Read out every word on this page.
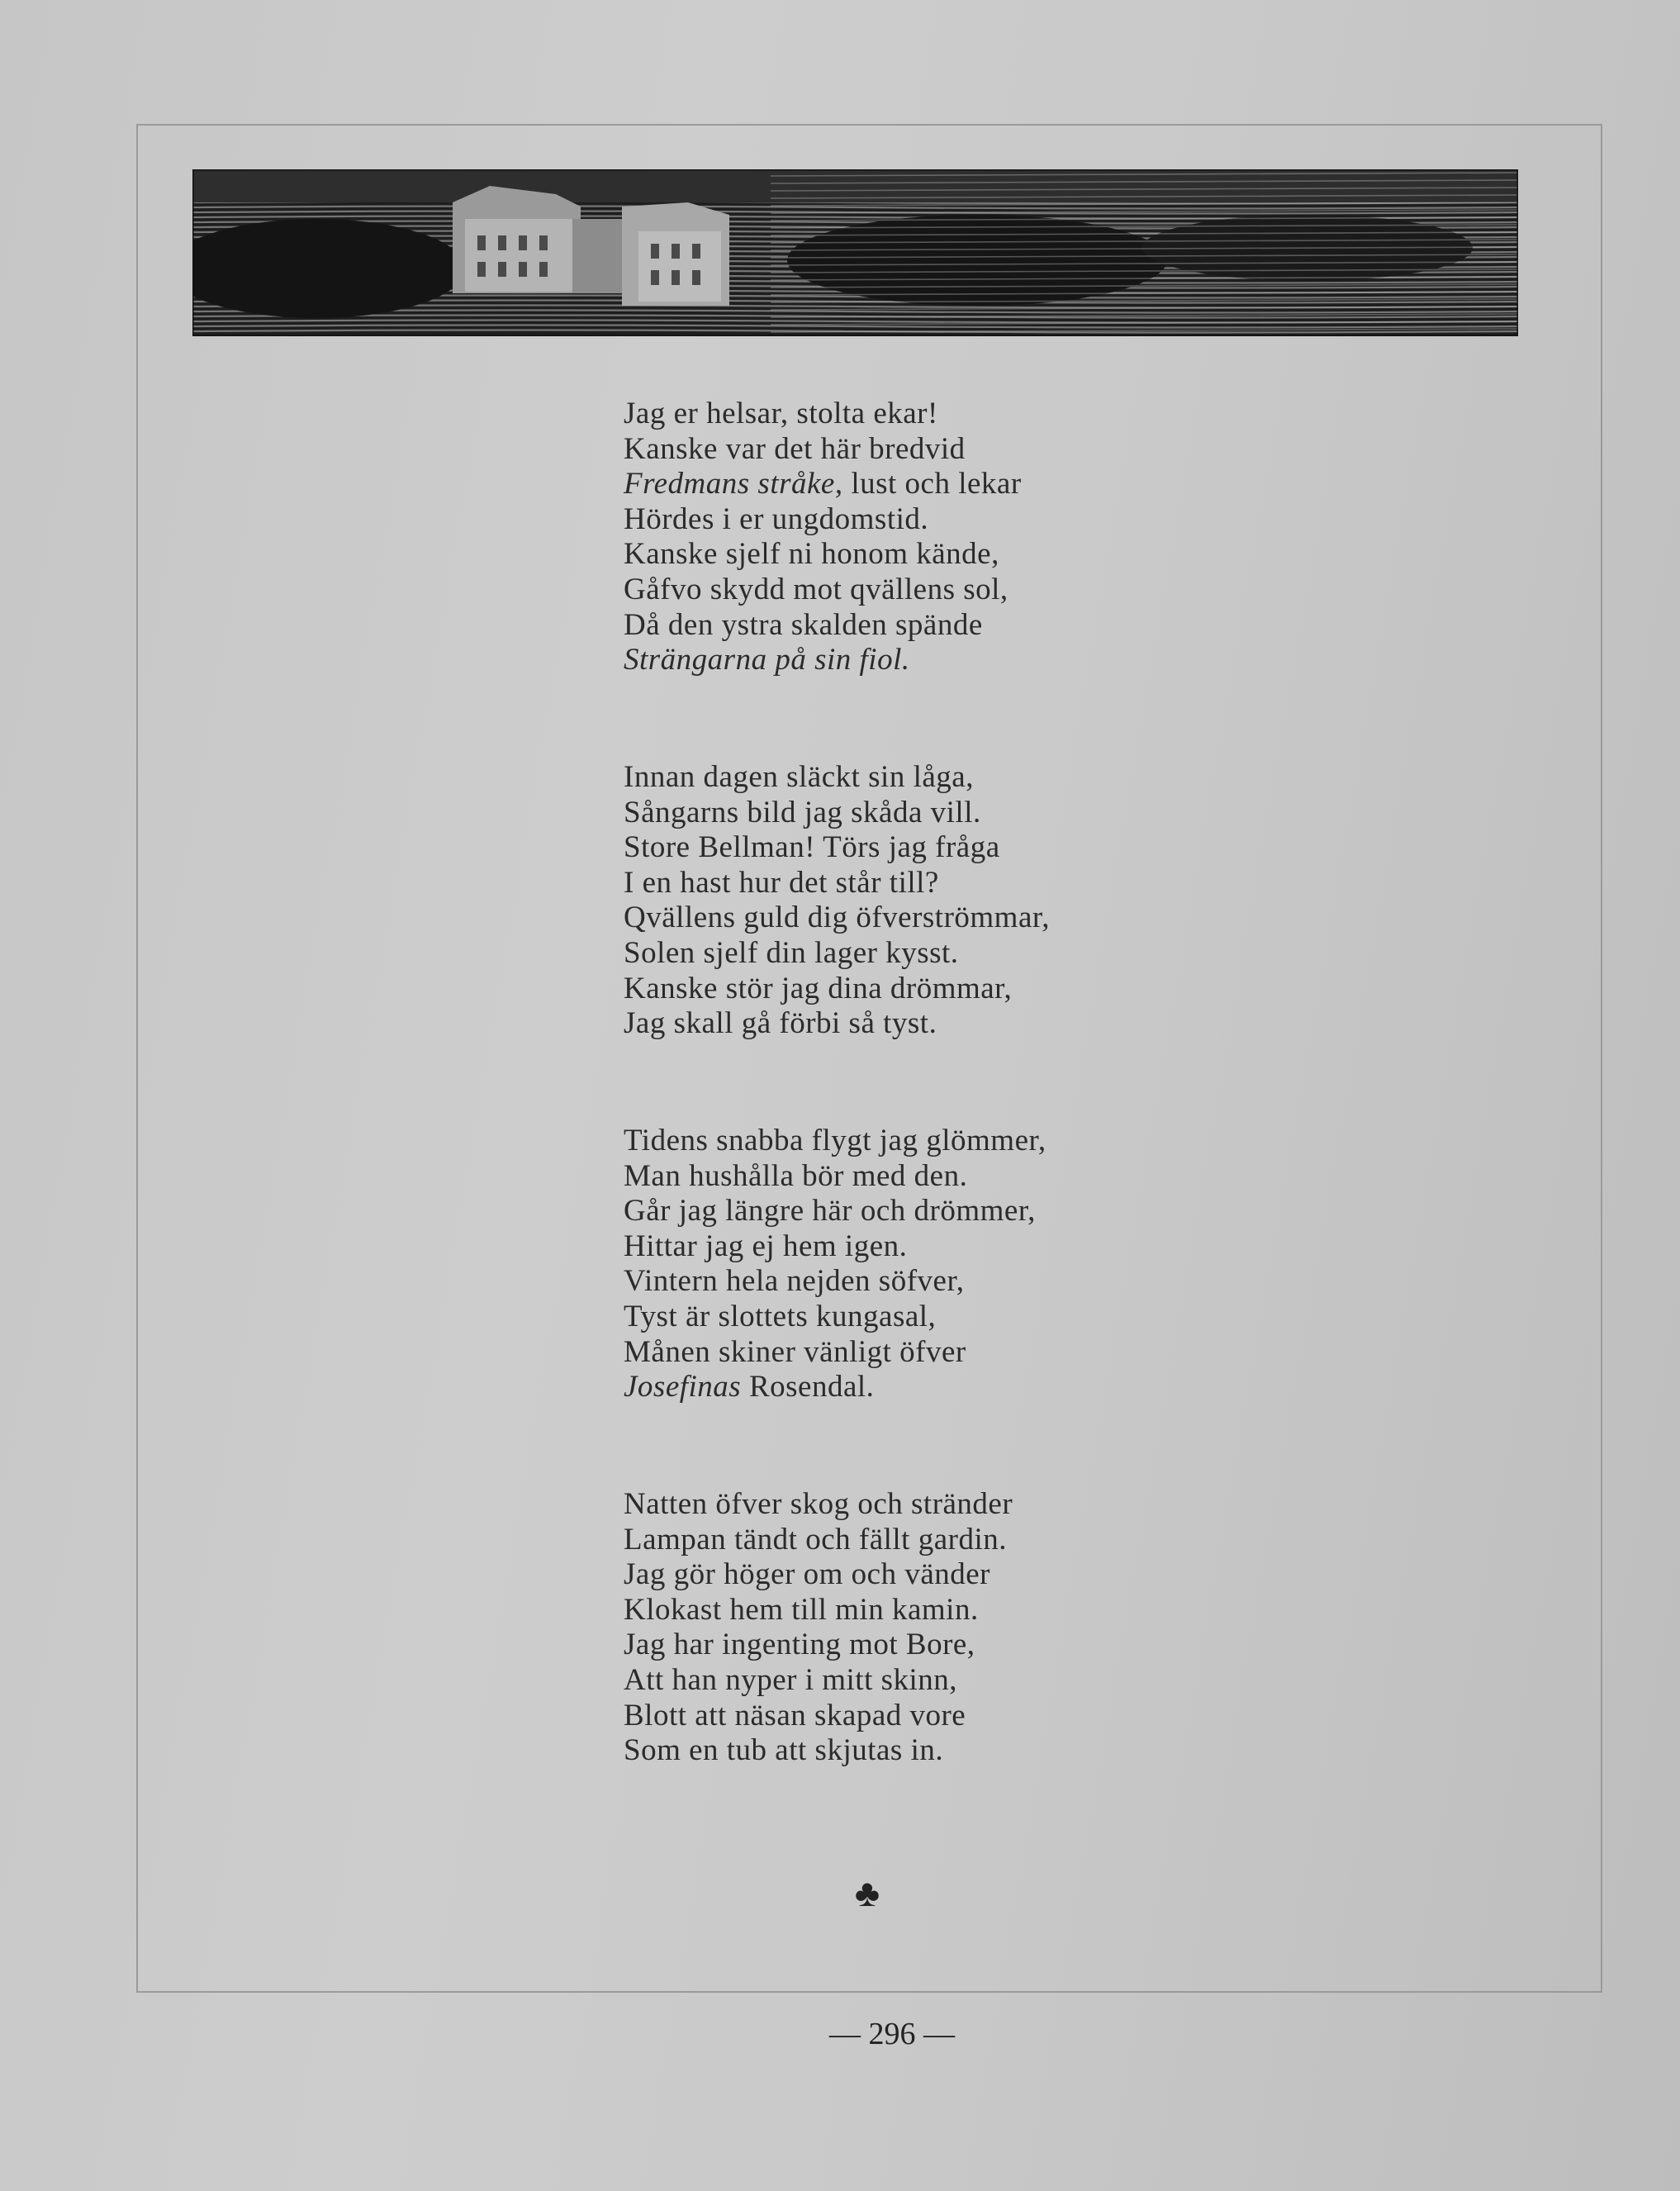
Jag er helsar, stolta ekar!
Kanske var det här bredvid
Fredmans stråke, lust och lekar
Hördes i er ungdomstid.
Kanske sjelf ni honom kände,
Gåfvo skydd mot qvällens sol,
Då den ystra skalden spände
Strängarna på sin fiol.
Innan dagen släckt sin låga,
Sångarns bild jag skåda vill.
Store Bellman! Törs jag fråga
I en hast hur det står till?
Qvällens guld dig öfverströmmar,
Solen sjelf din lager kysst.
Kanske stör jag dina drömmar,
Jag skall gå förbi så tyst.
Tidens snabba flygt jag glömmer,
Man hushålla bör med den.
Går jag längre här och drömmer,
Hittar jag ej hem igen.
Vintern hela nejden söfver,
Tyst är slottets kungasal,
Månen skiner vänligt öfver
Josefinas Rosendal.
Natten öfver skog och stränder
Lampan tändt och fällt gardin.
Jag gör höger om och vänder
Klokast hem till min kamin.
Jag har ingenting mot Bore,
Att han nyper i mitt skinn,
Blott att näsan skapad vore
Som en tub att skjutas in.
♣
— 296 —
